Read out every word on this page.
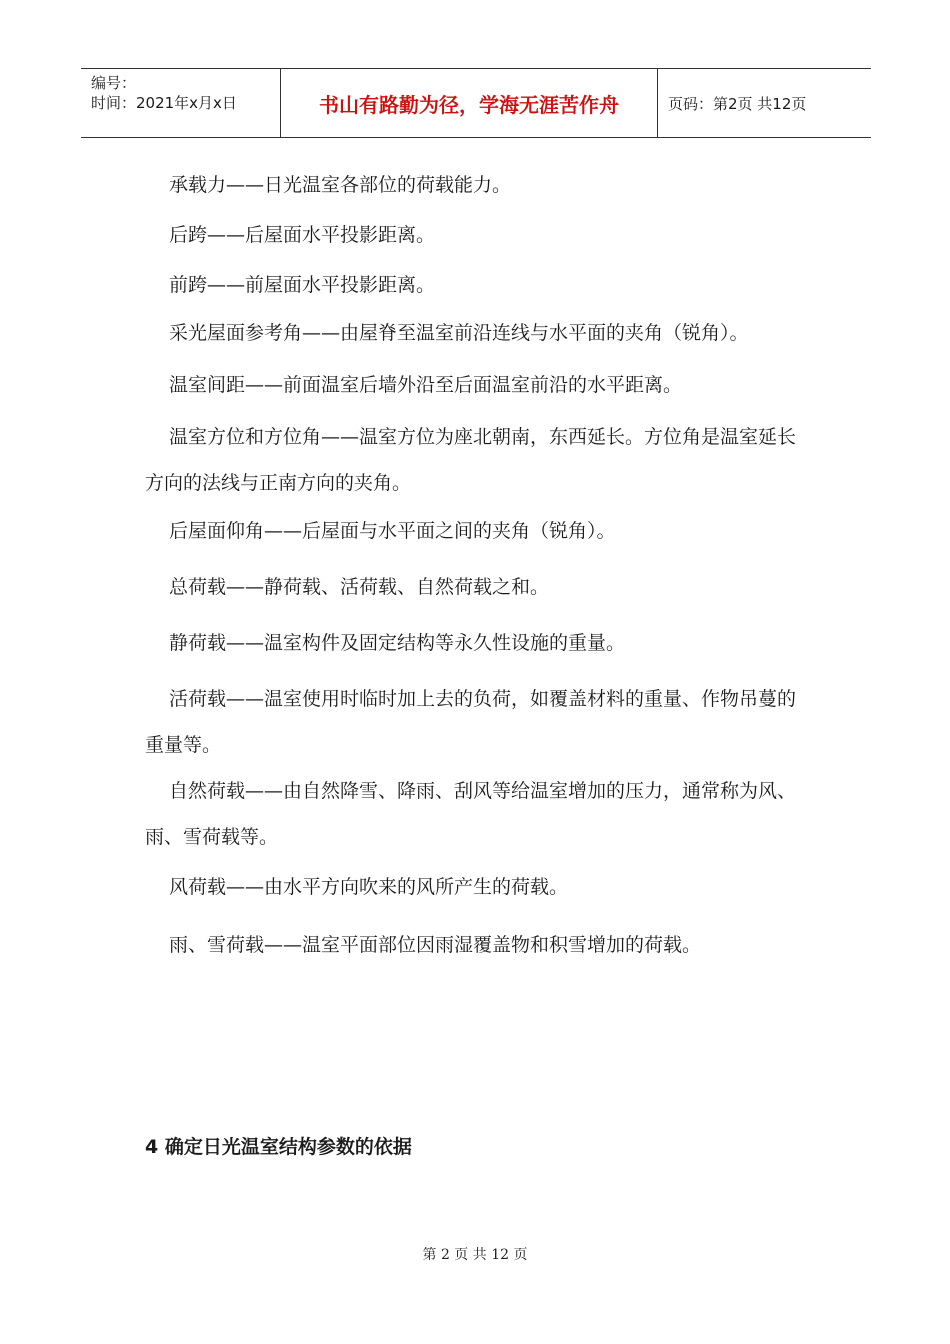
编号：
时间：2021年x月x日	书山有路勤为径，学海无涯苦作舟	页码：第2页 共12页

承载力——日光温室各部位的荷载能力。

后跨——后屋面水平投影距离。

前跨——前屋面水平投影距离。

采光屋面参考角——由屋脊至温室前沿连线与水平面的夹角（锐角）。

温室间距——前面温室后墙外沿至后面温室前沿的水平距离。

温室方位和方位角——温室方位为座北朝南，东西延长。方位角是温室延长方向的法线与正南方向的夹角。

后屋面仰角——后屋面与水平面之间的夹角（锐角）。

总荷载——静荷载、活荷载、自然荷载之和。

静荷载——温室构件及固定结构等永久性设施的重量。

活荷载——温室使用时临时加上去的负荷，如覆盖材料的重量、作物吊蔓的重量等。

自然荷载——由自然降雪、降雨、刮风等给温室增加的压力，通常称为风、雨、雪荷载等。

风荷载——由水平方向吹来的风所产生的荷载。

雨、雪荷载——温室平面部位因雨湿覆盖物和积雪增加的荷载。

4 确定日光温室结构参数的依据
第 2 页 共 12 页
